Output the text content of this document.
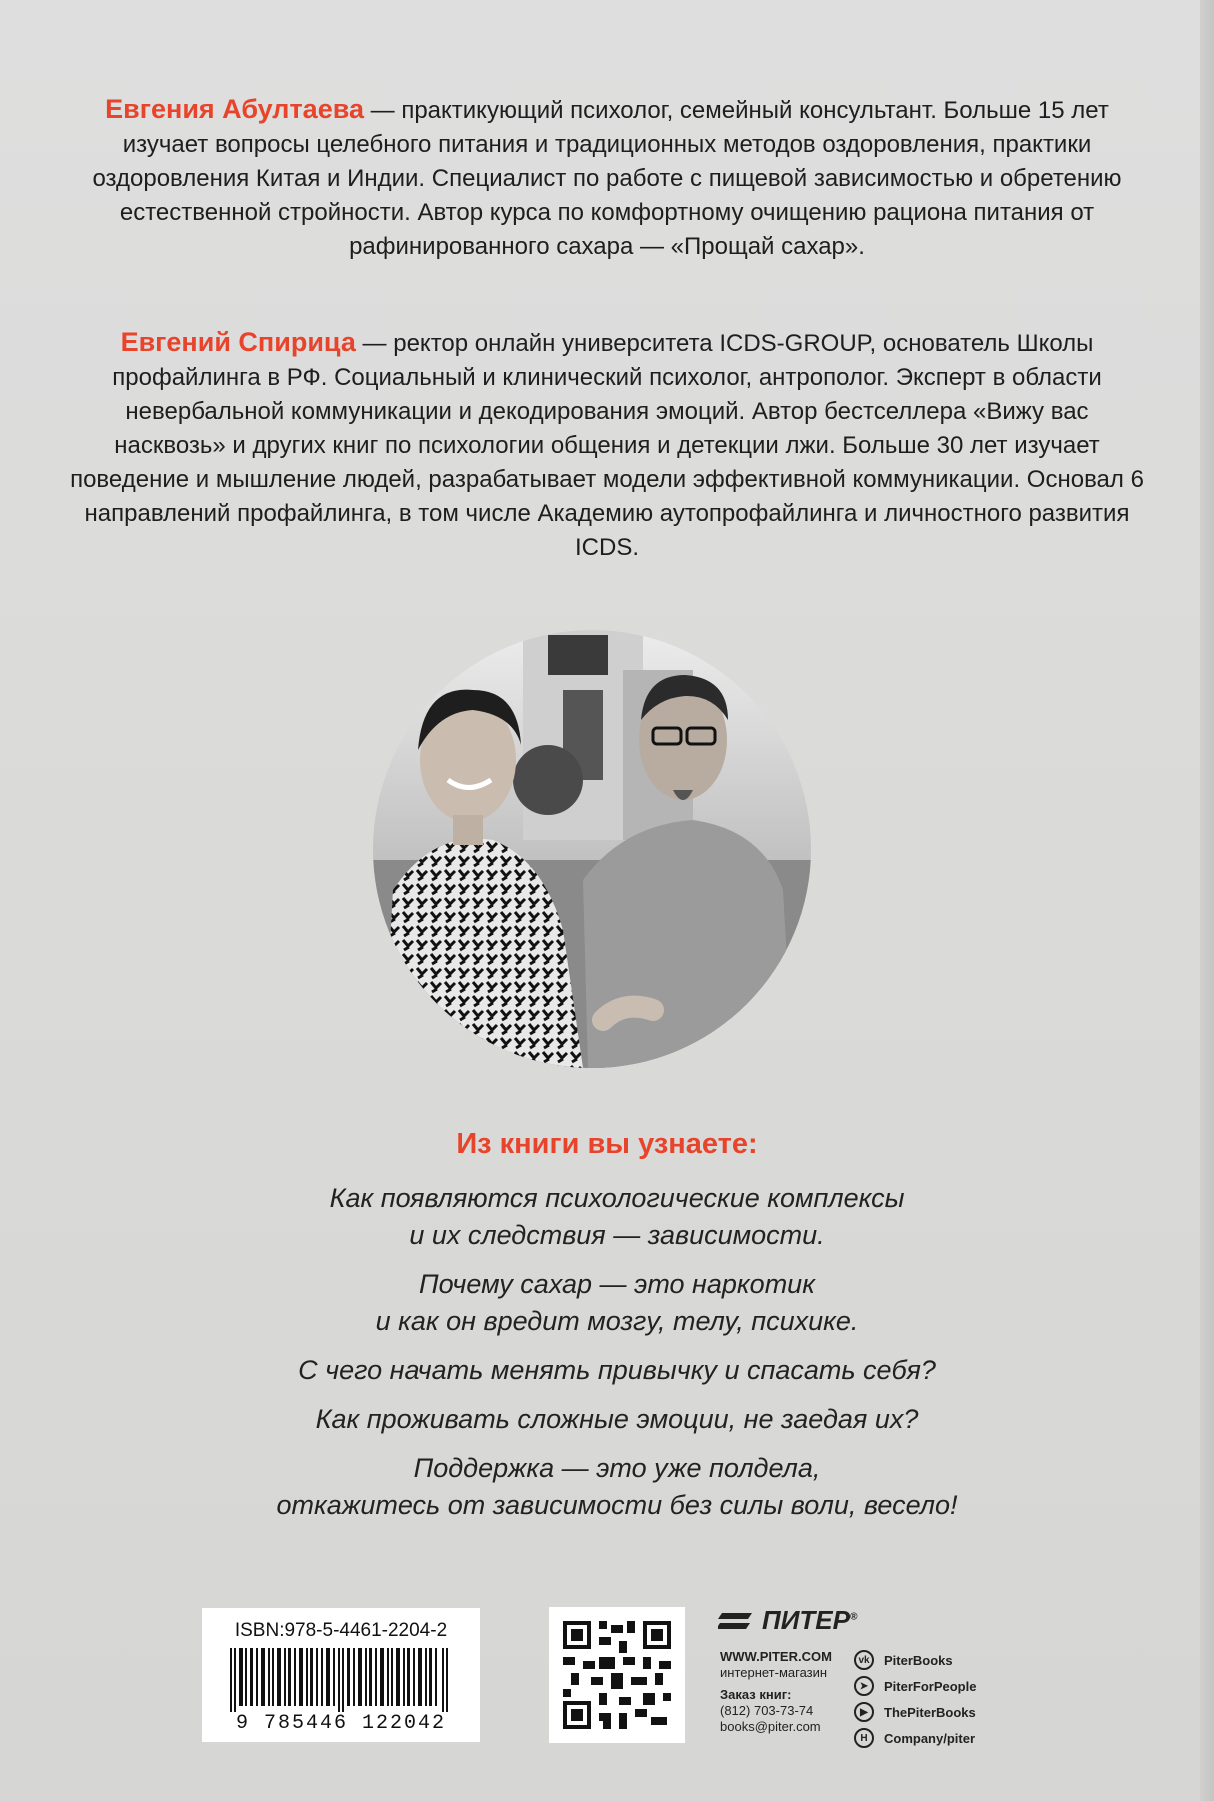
Евгения Абултаева — практикующий психолог, семейный консультант. Больше 15 лет изучает вопросы целебного питания и традиционных методов оздоровления, практики оздоровления Китая и Индии. Специалист по работе с пищевой зависимостью и обретению естественной стройности. Автор курса по комфортному очищению рациона питания от рафинированного сахара — «Прощай сахар».
Евгений Спирица — ректор онлайн университета ICDS-GROUP, основатель Школы профайлинга в РФ. Социальный и клинический психолог, антрополог. Эксперт в области невербальной коммуникации и декодирования эмоций. Автор бестселлера «Вижу вас насквозь» и других книг по психологии общения и детекции лжи. Больше 30 лет изучает поведение и мышление людей, разрабатывает модели эффективной коммуникации. Основал 6 направлений профайлинга, в том числе Академию аутопрофайлинга и личностного развития ICDS.
Из книги вы узнаете:

Как появляются психологические комплексы
и их следствия — зависимости.

Почему сахар — это наркотик
и как он вредит мозгу, телу, психике.

С чего начать менять привычку и спасать себя?

Как проживать сложные эмоции, не заедая их?

Поддержка — это уже полдела,
откажитесь от зависимости без силы воли, весело!

ISBN:978-5-4461-2204-2
9 785446 122042
ПИТЕР®
WWW.PITER.COM
интернет-магазин
Заказ книг:
(812) 703-73-74
books@piter.com
vk	PiterBooks
➤	PiterForPeople
▶	ThePiterBooks
H	Company/piter
